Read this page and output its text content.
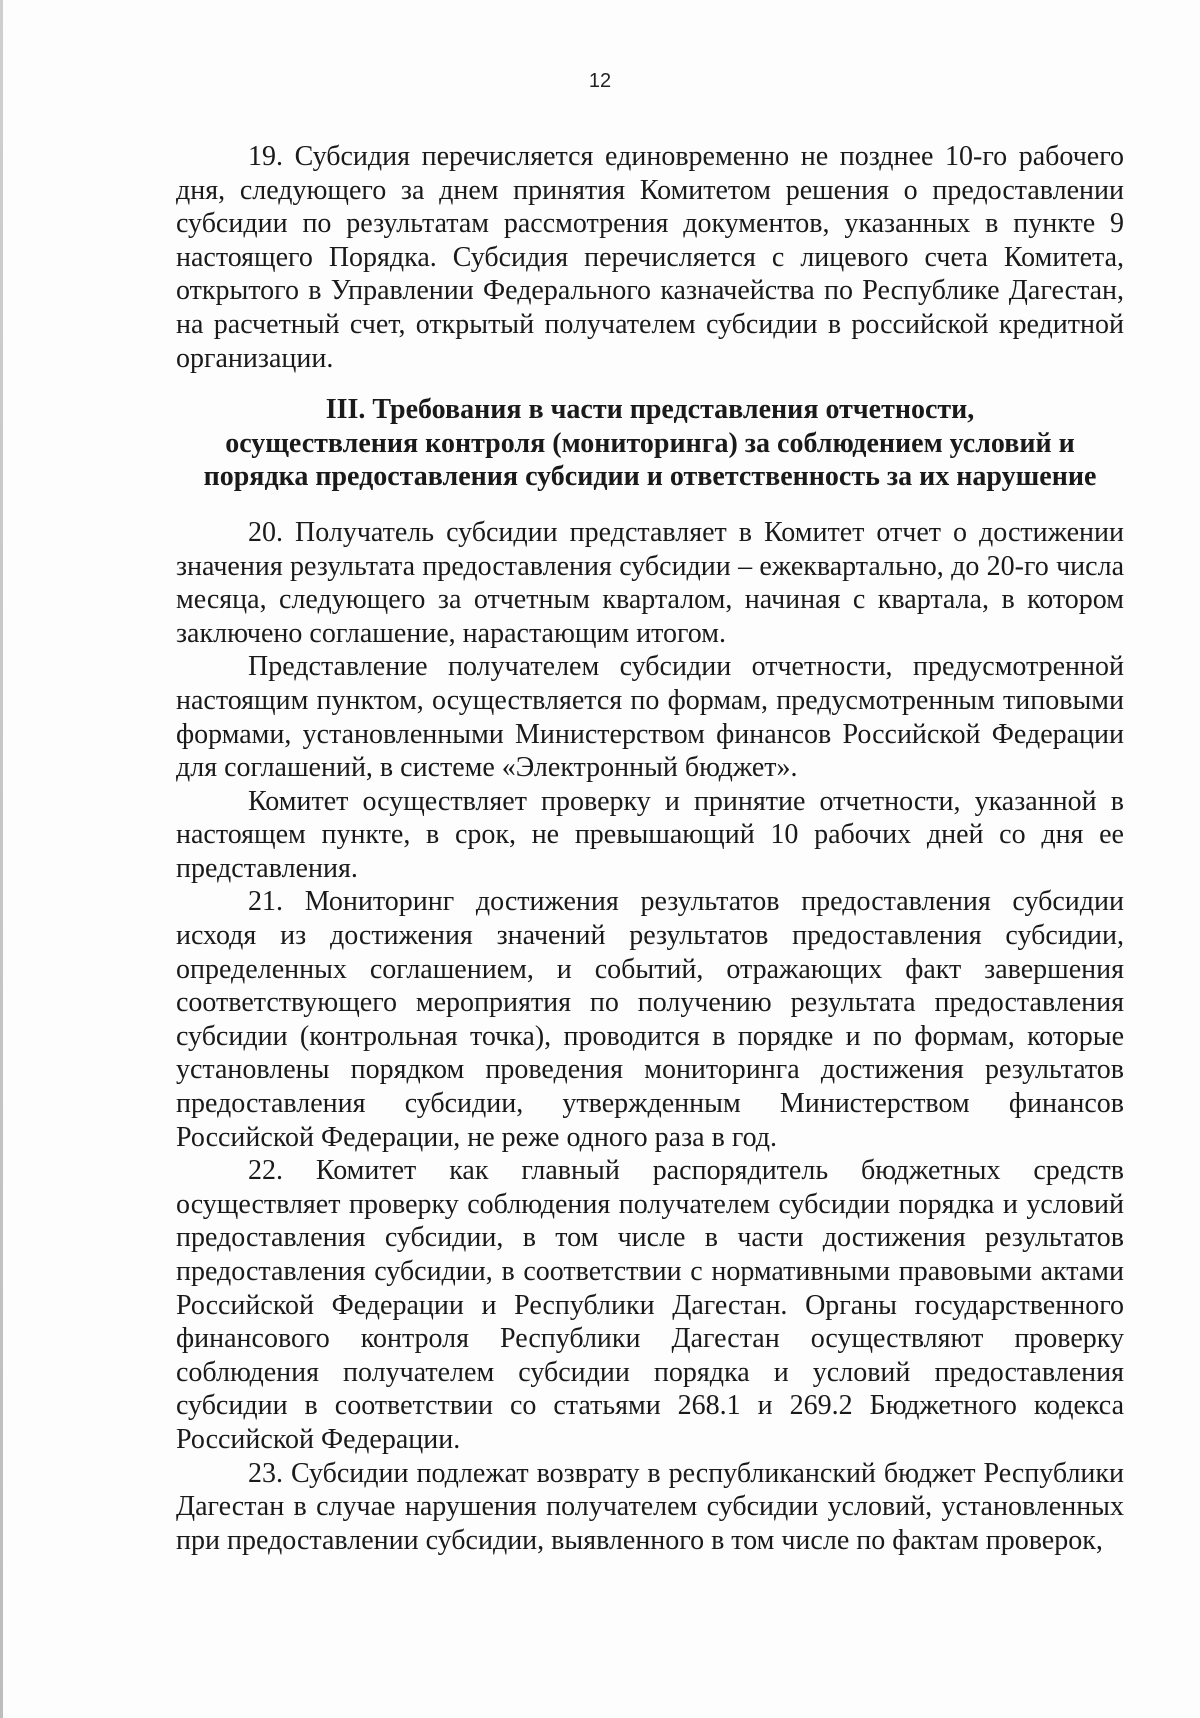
12

19. Субсидия перечисляется единовременно не позднее 10-го рабочего дня, следующего за днем принятия Комитетом решения о предоставлении субсидии по результатам рассмотрения документов, указанных в пункте 9 настоящего Порядка. Субсидия перечисляется с лицевого счета Комитета, открытого в Управлении Федерального казначейства по Республике Дагестан, на расчетный счет, открытый получателем субсидии в российской кредитной организации.

III. Требования в части представления отчетности,
осуществления контроля (мониторинга) за соблюдением условий и
порядка предоставления субсидии и ответственность за их нарушение

20. Получатель субсидии представляет в Комитет отчет о достижении значения результата предоставления субсидии – ежеквартально, до 20-го числа месяца, следующего за отчетным кварталом, начиная с квартала, в котором заключено соглашение, нарастающим итогом.

Представление получателем субсидии отчетности, предусмотренной настоящим пунктом, осуществляется по формам, предусмотренным типовыми формами, установленными Министерством финансов Российской Федерации для соглашений, в системе «Электронный бюджет».

Комитет осуществляет проверку и принятие отчетности, указанной в настоящем пункте, в срок, не превышающий 10 рабочих дней со дня ее представления.

21. Мониторинг достижения результатов предоставления субсидии исходя из достижения значений результатов предоставления субсидии, определенных соглашением, и событий, отражающих факт завершения соответствующего мероприятия по получению результата предоставления субсидии (контрольная точка), проводится в порядке и по формам, которые установлены порядком проведения мониторинга достижения результатов предоставления субсидии, утвержденным Министерством финансов Российской Федерации, не реже одного раза в год.

22. Комитет как главный распорядитель бюджетных средств осуществляет проверку соблюдения получателем субсидии порядка и условий предоставления субсидии, в том числе в части достижения результатов предоставления субсидии, в соответствии с нормативными правовыми актами Российской Федерации и Республики Дагестан. Органы государственного финансового контроля Республики Дагестан осуществляют проверку соблюдения получателем субсидии порядка и условий предоставления субсидии в соответствии со статьями 268.1 и 269.2 Бюджетного кодекса Российской Федерации.

23. Субсидии подлежат возврату в республиканский бюджет Республики Дагестан в случае нарушения получателем субсидии условий, установленных при предоставлении субсидии, выявленного в том числе по фактам проверок,
